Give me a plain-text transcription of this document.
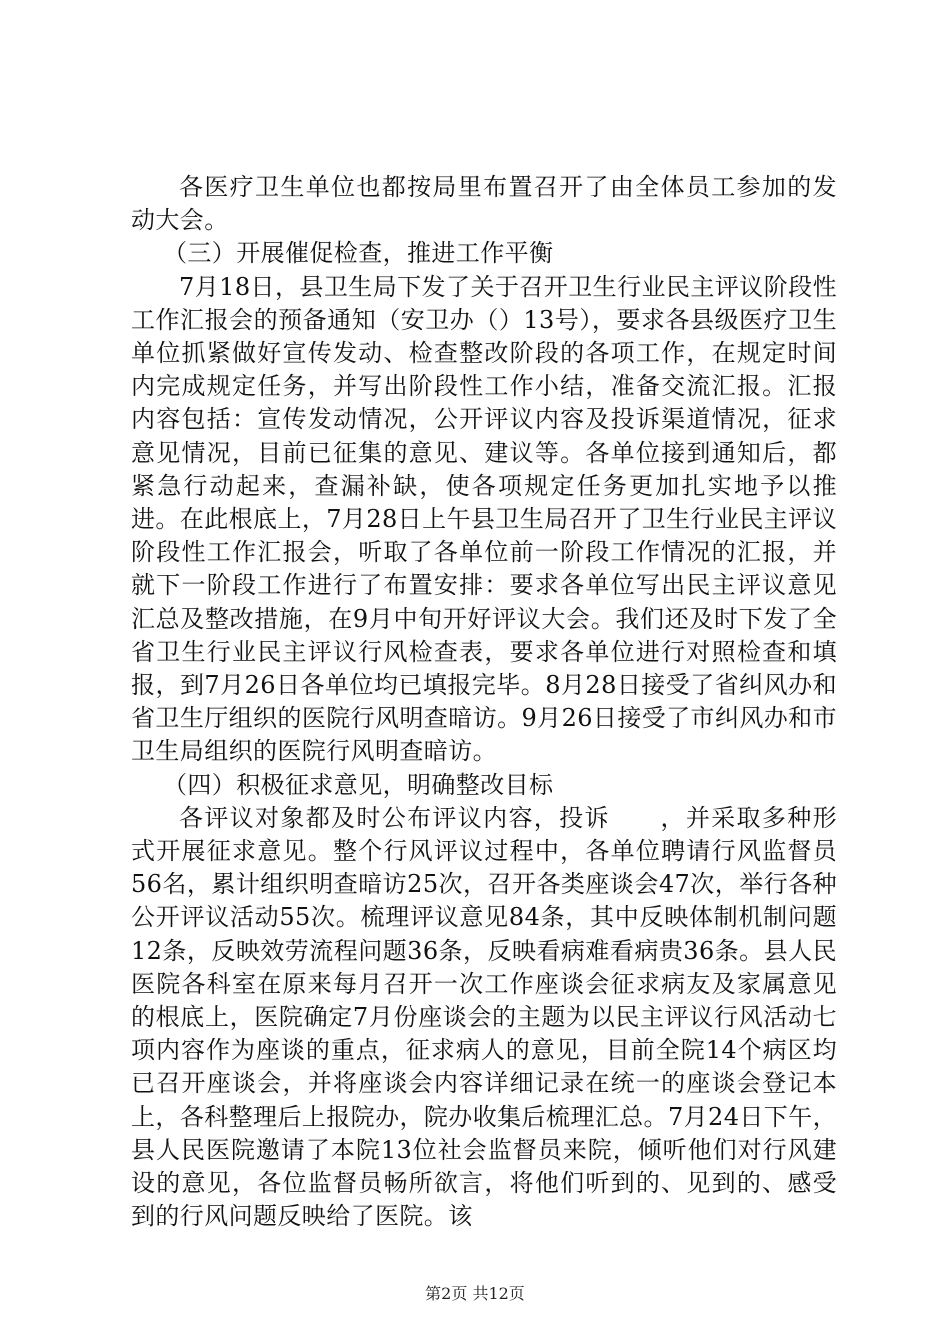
各医疗卫生单位也都按局里布置召开了由全体员工参加的发动大会。

（三）开展催促检查，推进工作平衡

7月18日，县卫生局下发了关于召开卫生行业民主评议阶段性工作汇报会的预备通知（安卫办（）13号），要求各县级医疗卫生单位抓紧做好宣传发动、检查整改阶段的各项工作，在规定时间内完成规定任务，并写出阶段性工作小结，准备交流汇报。汇报内容包括：宣传发动情况，公开评议内容及投诉渠道情况，征求意见情况，目前已征集的意见、建议等。各单位接到通知后，都紧急行动起来，查漏补缺，使各项规定任务更加扎实地予以推进。在此根底上，7月28日上午县卫生局召开了卫生行业民主评议阶段性工作汇报会，听取了各单位前一阶段工作情况的汇报，并就下一阶段工作进行了布置安排：要求各单位写出民主评议意见汇总及整改措施，在9月中旬开好评议大会。我们还及时下发了全省卫生行业民主评议行风检查表，要求各单位进行对照检查和填报，到7月26日各单位均已填报完毕。8月28日接受了省纠风办和省卫生厅组织的医院行风明查暗访。9月26日接受了市纠风办和市卫生局组织的医院行风明查暗访。

（四）积极征求意见，明确整改目标

各评议对象都及时公布评议内容，投诉　　，并采取多种形式开展征求意见。整个行风评议过程中，各单位聘请行风监督员56名，累计组织明查暗访25次，召开各类座谈会47次，举行各种公开评议活动55次。梳理评议意见84条，其中反映体制机制问题12条，反映效劳流程问题36条，反映看病难看病贵36条。县人民医院各科室在原来每月召开一次工作座谈会征求病友及家属意见的根底上，医院确定7月份座谈会的主题为以民主评议行风活动七项内容作为座谈的重点，征求病人的意见，目前全院14个病区均已召开座谈会，并将座谈会内容详细记录在统一的座谈会登记本上，各科整理后上报院办，院办收集后梳理汇总。7月24日下午，县人民医院邀请了本院13位社会监督员来院，倾听他们对行风建设的意见，各位监督员畅所欲言，将他们听到的、见到的、感受到的行风问题反映给了医院。该

第2页 共12页
